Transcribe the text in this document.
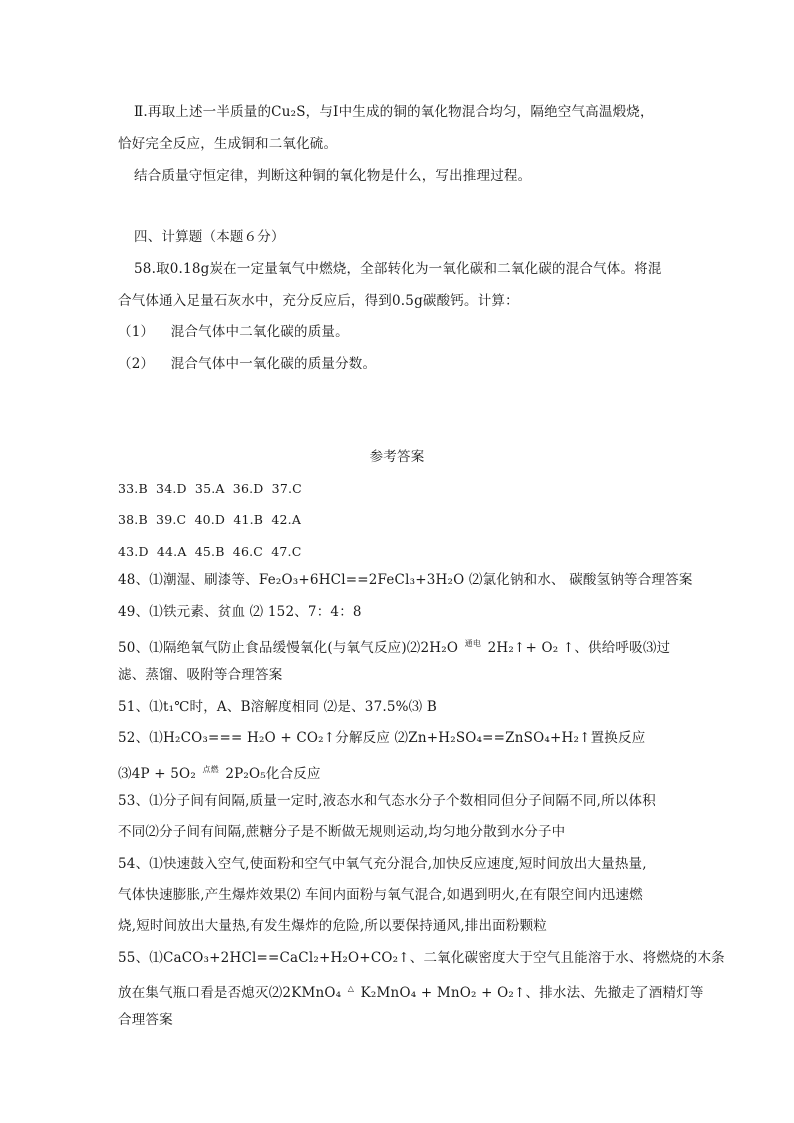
Ⅱ.再取上述一半质量的Cu₂S，与Ⅰ中生成的铜的氧化物混合均匀，隔绝空气高温煅烧，
恰好完全反应，生成铜和二氧化硫。
结合质量守恒定律，判断这种铜的氧化物是什么，写出推理过程。
四、计算题（本题６分）
58.取0.18g炭在一定量氧气中燃烧，全部转化为一氧化碳和二氧化碳的混合气体。将混
合气体通入足量石灰水中，充分反应后，得到0.5g碳酸钙。计算：
（1） 混合气体中二氧化碳的质量。
（2） 混合气体中一氧化碳的质量分数。
参考答案
33.B 34.D 35.A 36.D 37.C
38.B 39.C 40.D 41.B 42.A
43.D 44.A 45.B 46.C 47.C
48、⑴潮湿、刷漆等、Fe₂O₃+6HCl==2FeCl₃+3H₂O ⑵氯化钠和水、 碳酸氢钠等合理答案
49、⑴铁元素、贫血 ⑵ 152、7：4：8
50、⑴隔绝氧气防止食品缓慢氧化(与氧气反应)⑵2H₂O 通电 2H₂↑+ O₂ ↑、供给呼吸⑶过
滤、蒸馏、吸附等合理答案
51、⑴t₁℃时，A、B溶解度相同 ⑵是、37.5%⑶ B
52、⑴H₂CO₃=== H₂O + CO₂↑分解反应 ⑵Zn+H₂SO₄==ZnSO₄+H₂↑置换反应
⑶4P + 5O₂ 点燃 2P₂O₅化合反应
53、⑴分子间有间隔,质量一定时,液态水和气态水分子个数相同但分子间隔不同,所以体积
不同⑵分子间有间隔,蔗糖分子是不断做无规则运动,均匀地分散到水分子中
54、⑴快速鼓入空气,使面粉和空气中氧气充分混合,加快反应速度,短时间放出大量热量,
气体快速膨胀,产生爆炸效果⑵ 车间内面粉与氧气混合,如遇到明火,在有限空间内迅速燃
烧,短时间放出大量热,有发生爆炸的危险,所以要保持通风,排出面粉颗粒
55、⑴CaCO₃+2HCl==CaCl₂+H₂O+CO₂↑、二氧化碳密度大于空气且能溶于水、将燃烧的木条
放在集气瓶口看是否熄灭⑵2KMnO₄ △ K₂MnO₄ + MnO₂ + O₂↑、排水法、先撤走了酒精灯等
合理答案
